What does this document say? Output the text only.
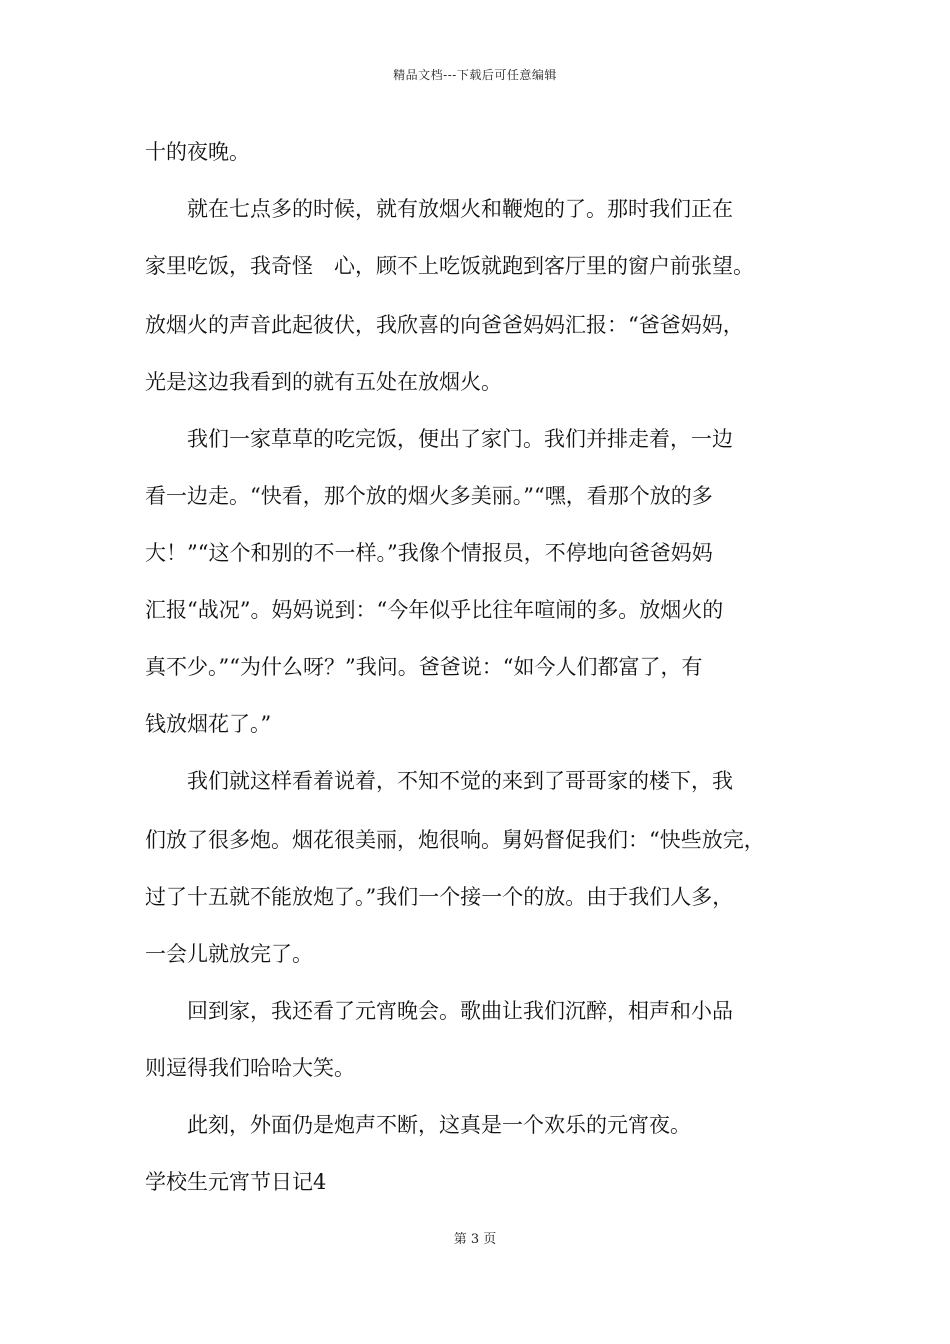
精品文档---下载后可任意编辑
十的夜晚。
　　就在七点多的时候，就有放烟火和鞭炮的了。那时我们正在
家里吃饭，我奇怪　心，顾不上吃饭就跑到客厅里的窗户前张望。
放烟火的声音此起彼伏，我欣喜的向爸爸妈妈汇报：“爸爸妈妈，
光是这边我看到的就有五处在放烟火。
　　我们一家草草的吃完饭，便出了家门。我们并排走着，一边
看一边走。“快看，那个放的烟火多美丽。”“嘿，看那个放的多
大！”“这个和别的不一样。”我像个情报员，不停地向爸爸妈妈
汇报“战况”。妈妈说到：“今年似乎比往年喧闹的多。放烟火的
真不少。”“为什么呀？”我问。爸爸说：“如今人们都富了，有
钱放烟花了。”
　　我们就这样看着说着，不知不觉的来到了哥哥家的楼下，我
们放了很多炮。烟花很美丽，炮很响。舅妈督促我们：“快些放完，
过了十五就不能放炮了。”我们一个接一个的放。由于我们人多，
一会儿就放完了。
　　回到家，我还看了元宵晚会。歌曲让我们沉醉，相声和小品
则逗得我们哈哈大笑。
　　此刻，外面仍是炮声不断，这真是一个欢乐的元宵夜。
学校生元宵节日记4
第 3 页
